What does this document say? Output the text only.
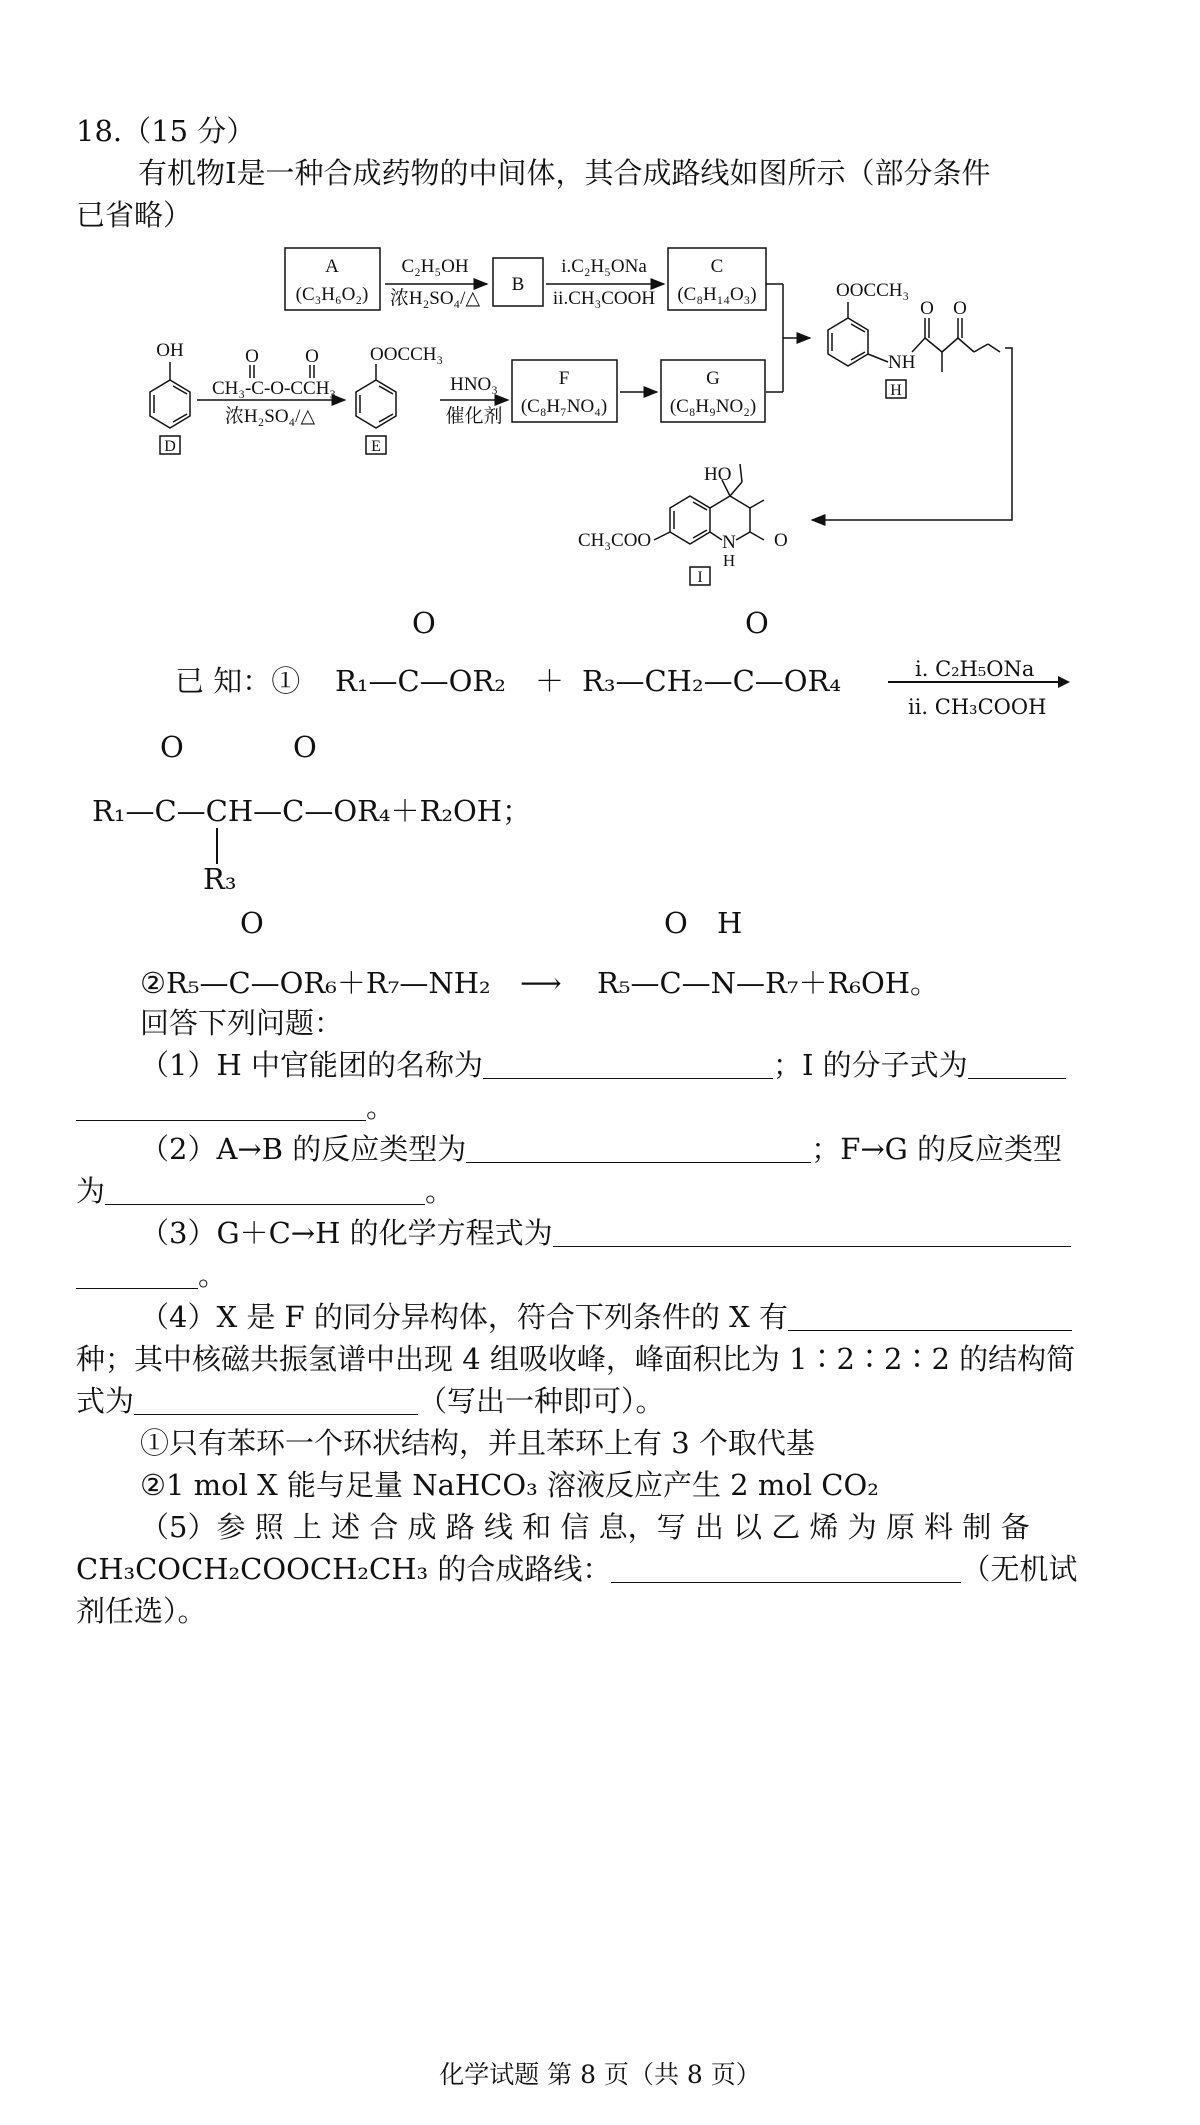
18.（15 分）
有机物Ⅰ是一种合成药物的中间体，其合成路线如图所示（部分条件
已省略）
A
(C₃H₆O₂)
C₂H₅OH
浓H₂SO₄/△
B
i.C₂H₅ONa
ii.CH₃COOH
C
(C₈H₁₄O₃)
OH	O O
CH₃-C-O-CCH₃
浓H₂SO₄/△
OOCCH₃
D	E
HNO₃
催化剂
F
(C₈H₇NO₄)
G
(C₈H₉NO₂)
OOCCH₃
NH
O O
H
HO
CH₃COO	N
H
O
I
O	O
已 知：① R₁—C—OR₂ ＋ R₃—CH₂—C—OR₄	ⅰ. C₂H₅ONa
ⅱ. CH₃COOH
O	O
R₁—C—CH—C—OR₄＋R₂OH；
R₃
O	O H
②R₅—C—OR₆＋R₇—NH₂ ⟶ R₅—C—N—R₇＋R₆OH。
回答下列问题：
（1）H 中官能团的名称为	；I 的分子式为
。
（2）A→B 的反应类型为	；F→G 的反应类型
为	。
（3）G＋C→H 的化学方程式为
。
（4）X 是 F 的同分异构体，符合下列条件的 X 有
种；其中核磁共振氢谱中出现 4 组吸收峰，峰面积比为 1∶2∶2∶2 的结构简
式为	（写出一种即可）。
①只有苯环一个环状结构，并且苯环上有 3 个取代基
②1 mol X 能与足量 NaHCO₃ 溶液反应产生 2 mol CO₂
（5）参 照 上 述 合 成 路 线 和 信 息，写 出 以 乙 烯 为 原 料 制 备
CH₃COCH₂COOCH₂CH₃ 的合成路线：	（无机试
剂任选）。
化学试题 第 8 页（共 8 页）
